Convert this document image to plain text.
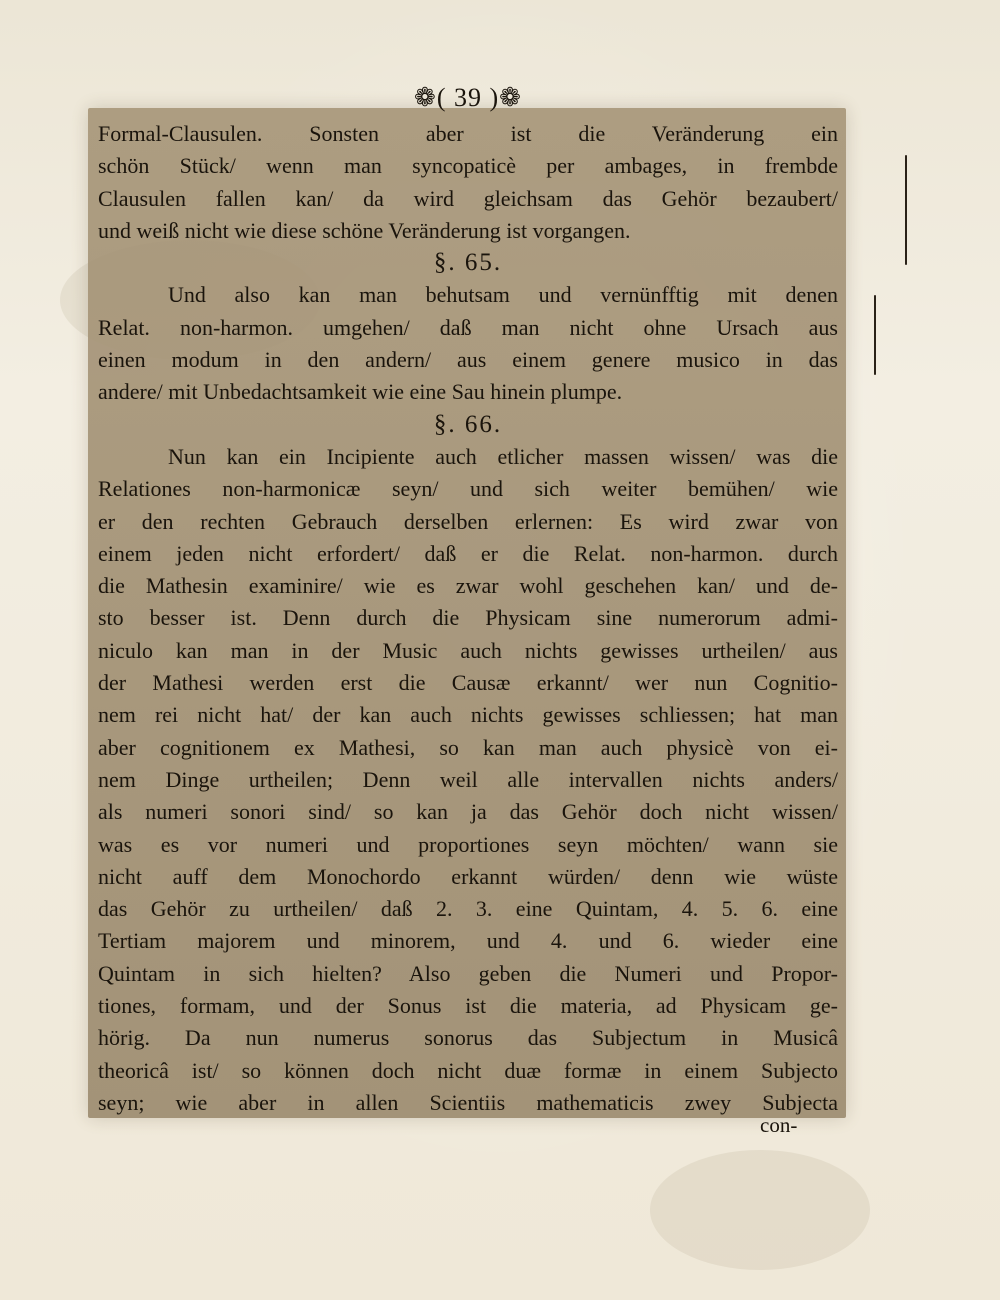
❁( 39 )❁
Formal-Clausulen. Sonsten aber ist die Veränderung ein
schön Stück/ wenn man syncopaticè per ambages, in frembde
Clausulen fallen kan/ da wird gleichsam das Gehör bezaubert/
und weiß nicht wie diese schöne Veränderung ist vorgangen.
§. 65.
Und also kan man behutsam und vernünfftig mit denen
Relat. non-harmon. umgehen/ daß man nicht ohne Ursach aus
einen modum in den andern/ aus einem genere musico in das
andere/ mit Unbedachtsamkeit wie eine Sau hinein plumpe.
§. 66.
Nun kan ein Incipiente auch etlicher massen wissen/ was die
Relationes non-harmonicæ seyn/ und sich weiter bemühen/ wie
er den rechten Gebrauch derselben erlernen: Es wird zwar von
einem jeden nicht erfordert/ daß er die Relat. non-harmon. durch
die Mathesin examinire/ wie es zwar wohl geschehen kan/ und de-
sto besser ist. Denn durch die Physicam sine numerorum admi-
niculo kan man in der Music auch nichts gewisses urtheilen/ aus
der Mathesi werden erst die Causæ erkannt/ wer nun Cognitio-
nem rei nicht hat/ der kan auch nichts gewisses schliessen; hat man
aber cognitionem ex Mathesi, so kan man auch physicè von ei-
nem Dinge urtheilen; Denn weil alle intervallen nichts anders/
als numeri sonori sind/ so kan ja das Gehör doch nicht wissen/
was es vor numeri und proportiones seyn möchten/ wann sie
nicht auff dem Monochordo erkannt würden/ denn wie wüste
das Gehör zu urtheilen/ daß 2. 3. eine Quintam, 4. 5. 6. eine
Tertiam majorem und minorem, und 4. und 6. wieder eine
Quintam in sich hielten? Also geben die Numeri und Propor-
tiones, formam, und der Sonus ist die materia, ad Physicam ge-
hörig. Da nun numerus sonorus das Subjectum in Musicâ
theoricâ ist/ so können doch nicht duæ formæ in einem Subjecto
seyn; wie aber in allen Scientiis mathematicis zwey Subjecta
con-
